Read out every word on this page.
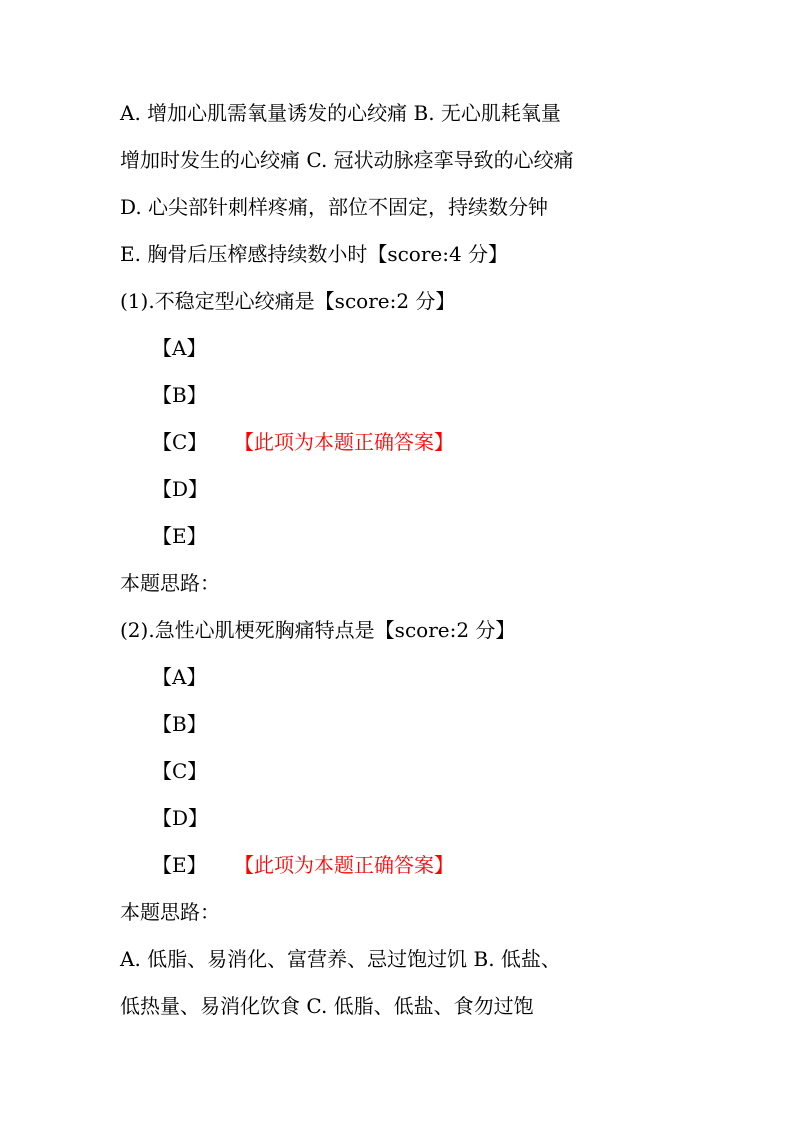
A. 增加心肌需氧量诱发的心绞痛 B. 无心肌耗氧量
增加时发生的心绞痛 C. 冠状动脉痉挛导致的心绞痛
D. 心尖部针刺样疼痛，部位不固定，持续数分钟
E. 胸骨后压榨感持续数小时【score:4 分】
(1).不稳定型心绞痛是【score:2 分】
【A】
【B】
【C】 【此项为本题正确答案】
【D】
【E】
本题思路：
(2).急性心肌梗死胸痛特点是【score:2 分】
【A】
【B】
【C】
【D】
【E】 【此项为本题正确答案】
本题思路：
A. 低脂、易消化、富营养、忌过饱过饥 B. 低盐、
低热量、易消化饮食 C. 低脂、低盐、食勿过饱
